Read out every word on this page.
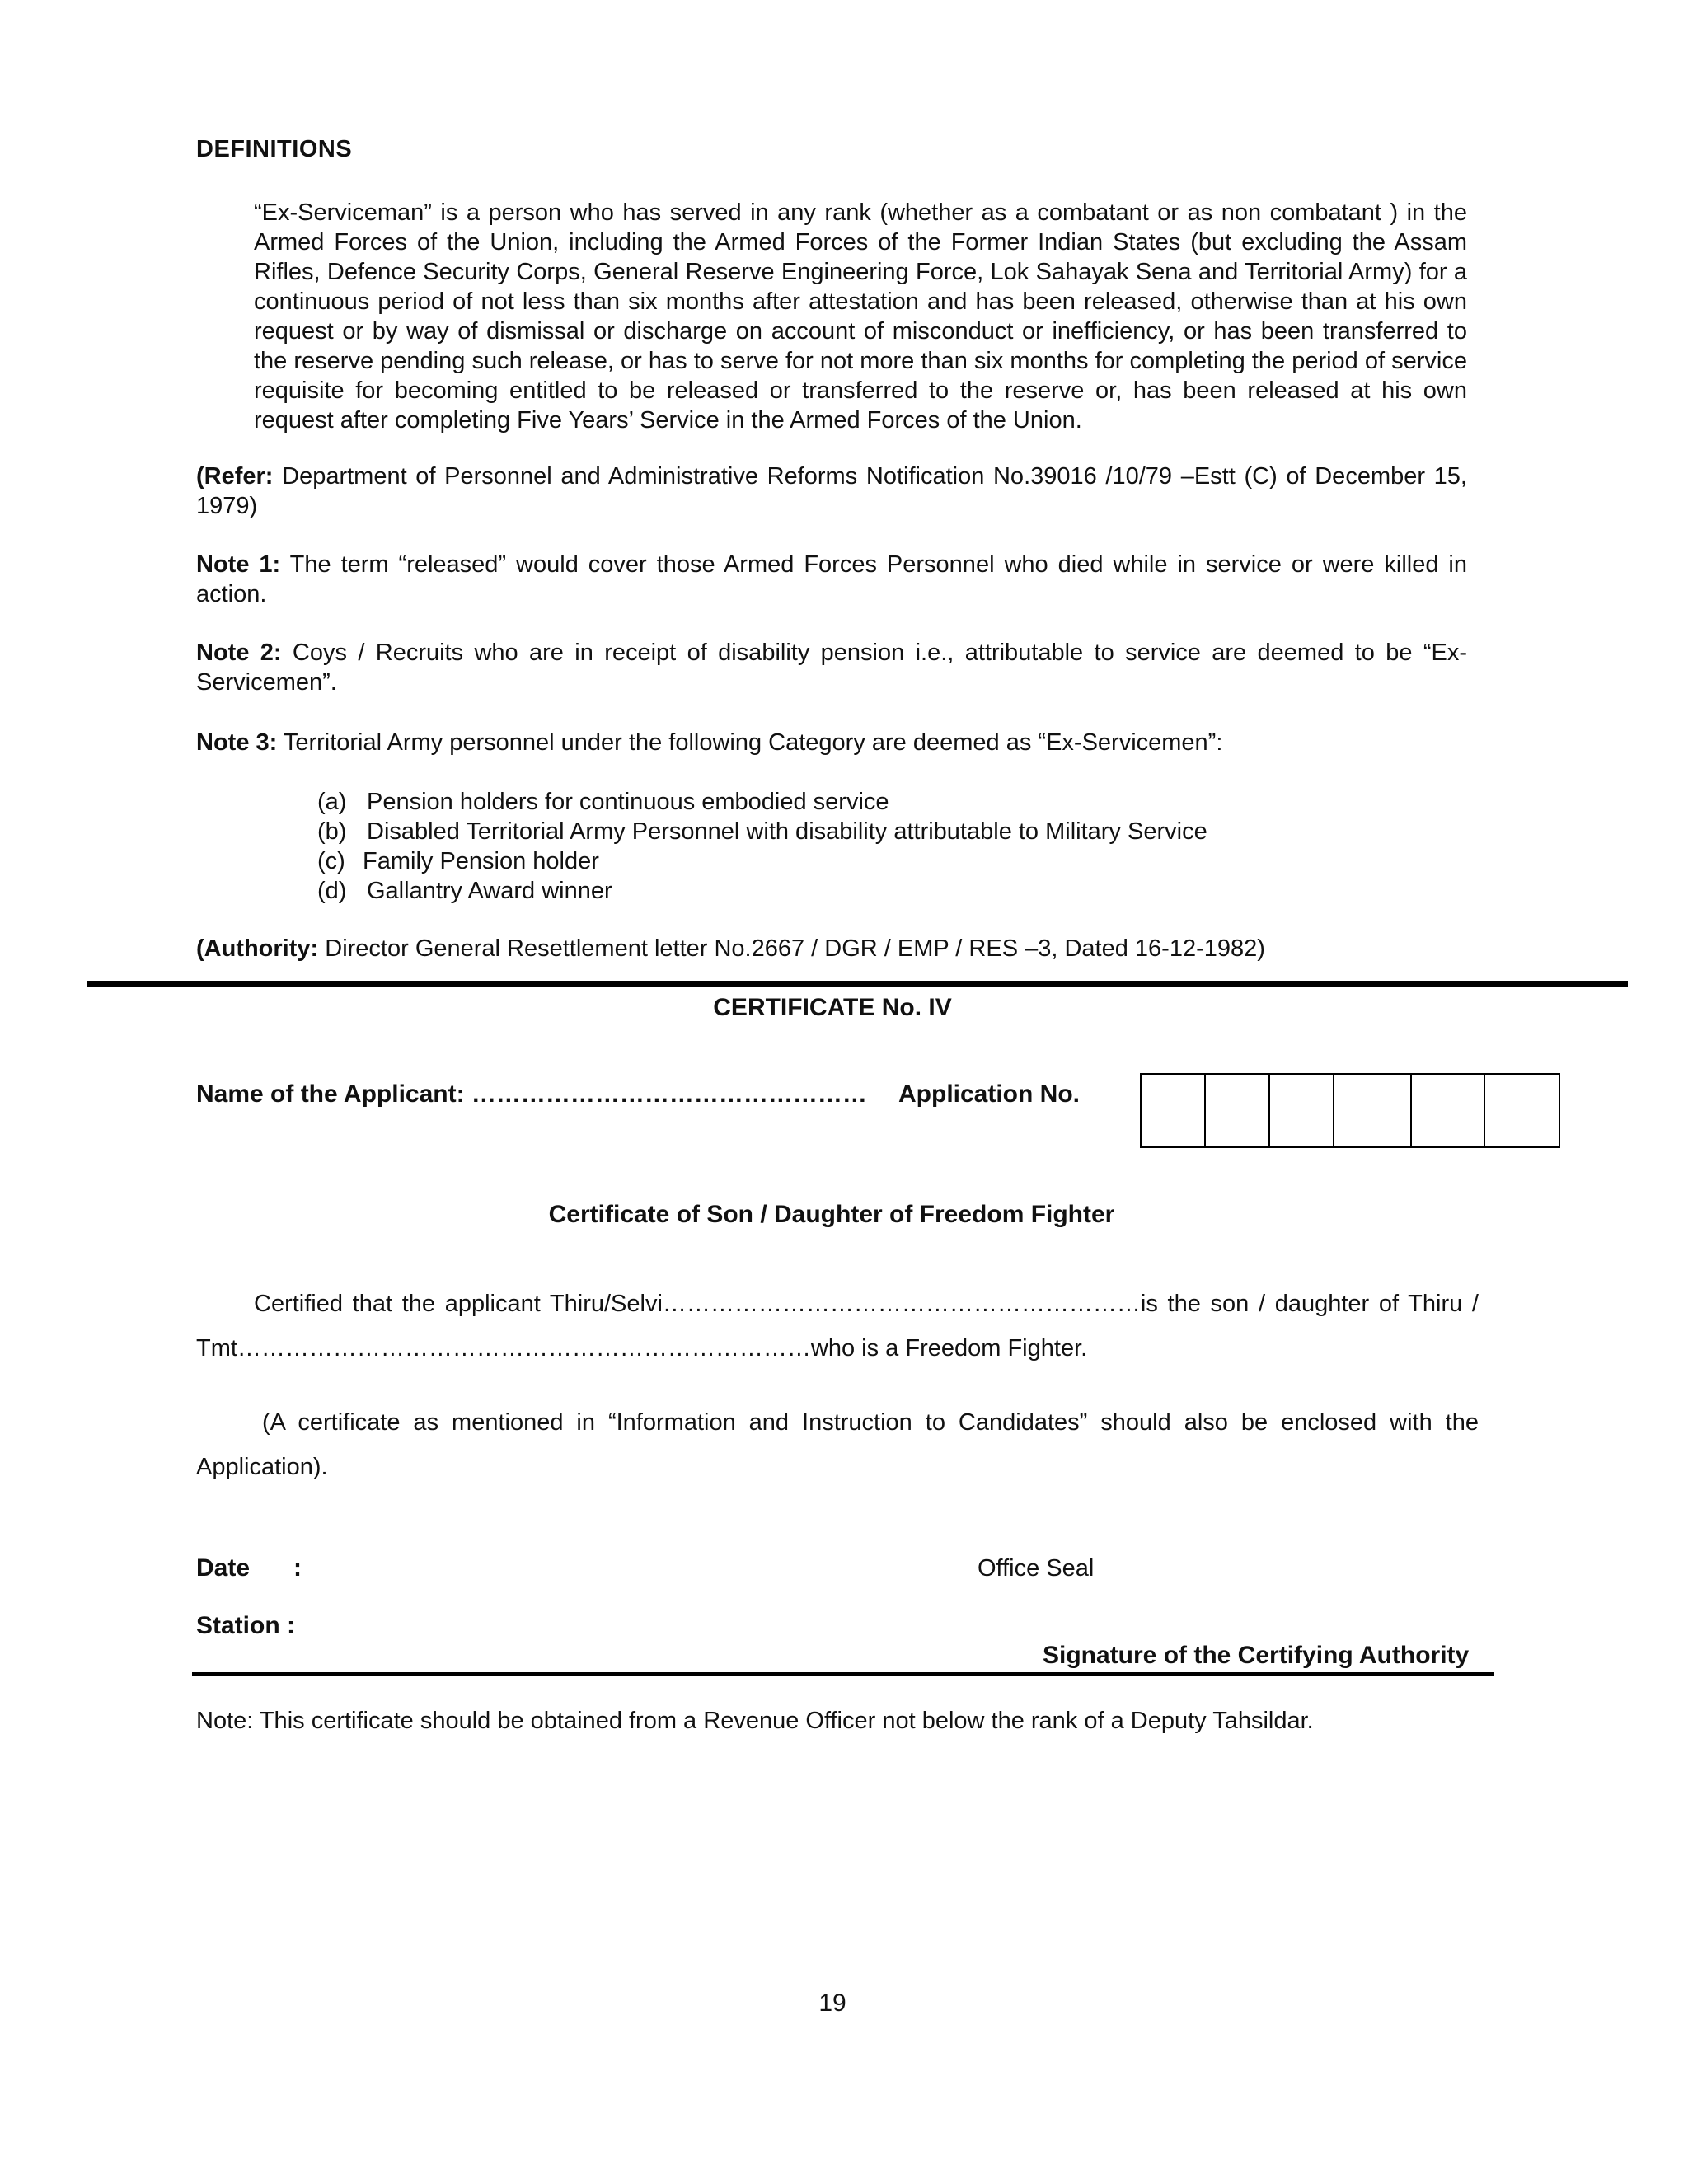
DEFINITIONS
“Ex-Serviceman” is a person who has served in any rank (whether as a combatant or as non combatant ) in the Armed Forces of the Union, including the Armed Forces of the Former Indian States (but excluding the Assam Rifles, Defence Security Corps, General Reserve Engineering Force, Lok Sahayak Sena and Territorial Army) for a continuous period of not less than six months after attestation and has been released, otherwise than at his own request or by way of dismissal or discharge on account of misconduct or inefficiency, or has been transferred to the reserve pending such release, or has to serve for not more than six months for completing the period of service requisite for becoming entitled to be released or transferred to the reserve or, has been released at his own request after completing Five Years’ Service in the Armed Forces of the Union.
(Refer: Department of Personnel and Administrative Reforms Notification No.39016 /10/79 –Estt (C) of December 15, 1979)
Note 1: The term “released” would cover those Armed Forces Personnel who died while in service or were killed in action.
Note 2: Coys / Recruits who are in receipt of disability pension i.e., attributable to service are deemed to be “Ex-Servicemen”.
Note 3: Territorial Army personnel under the following Category are deemed as “Ex-Servicemen”:
(a) Pension holders for continuous embodied service
(b) Disabled Territorial Army Personnel with disability attributable to Military Service
(c) Family Pension holder
(d) Gallantry Award winner
(Authority: Director General Resettlement letter No.2667 / DGR / EMP / RES –3, Dated 16-12-1982)
CERTIFICATE No. IV
Name of the Applicant: ………………………………………… Application No.
Certificate of Son / Daughter of Freedom Fighter
Certified that the applicant Thiru/Selvi……………………………………………………is the son / daughter of Thiru / Tmt………………………………………………………………who is a Freedom Fighter.
(A certificate as mentioned in “Information and Instruction to Candidates” should also be enclosed with the Application).
Date :	Office Seal
Station :
Signature of the Certifying Authority
Note: This certificate should be obtained from a Revenue Officer not below the rank of a Deputy Tahsildar.
19
